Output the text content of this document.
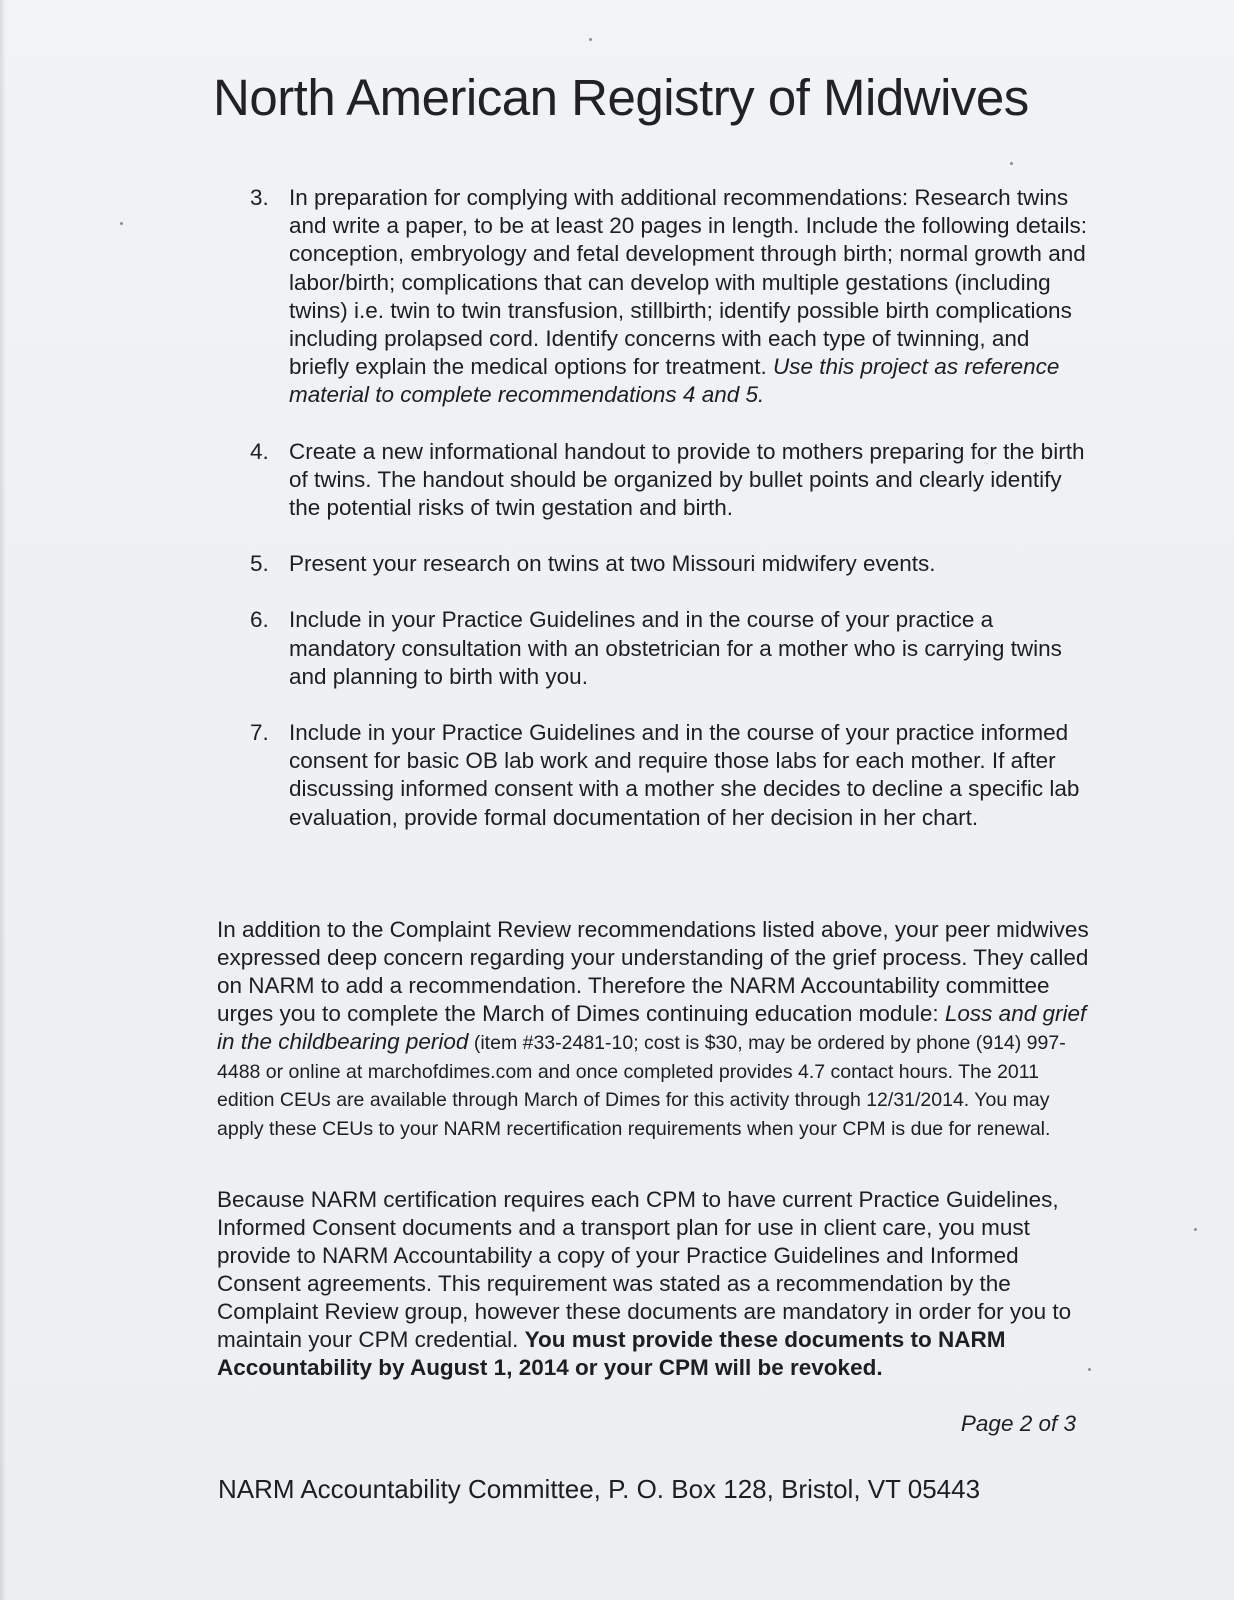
North American Registry of Midwives
3. In preparation for complying with additional recommendations: Research twins and write a paper, to be at least 20 pages in length. Include the following details: conception, embryology and fetal development through birth; normal growth and labor/birth; complications that can develop with multiple gestations (including twins) i.e. twin to twin transfusion, stillbirth; identify possible birth complications including prolapsed cord. Identify concerns with each type of twinning, and briefly explain the medical options for treatment. Use this project as reference material to complete recommendations 4 and 5.
4. Create a new informational handout to provide to mothers preparing for the birth of twins. The handout should be organized by bullet points and clearly identify the potential risks of twin gestation and birth.
5. Present your research on twins at two Missouri midwifery events.
6. Include in your Practice Guidelines and in the course of your practice a mandatory consultation with an obstetrician for a mother who is carrying twins and planning to birth with you.
7. Include in your Practice Guidelines and in the course of your practice informed consent for basic OB lab work and require those labs for each mother. If after discussing informed consent with a mother she decides to decline a specific lab evaluation, provide formal documentation of her decision in her chart.
In addition to the Complaint Review recommendations listed above, your peer midwives expressed deep concern regarding your understanding of the grief process. They called on NARM to add a recommendation. Therefore the NARM Accountability committee urges you to complete the March of Dimes continuing education module: Loss and grief in the childbearing period (item #33-2481-10; cost is $30, may be ordered by phone (914) 997-4488 or online at marchofdimes.com and once completed provides 4.7 contact hours. The 2011 edition CEUs are available through March of Dimes for this activity through 12/31/2014. You may apply these CEUs to your NARM recertification requirements when your CPM is due for renewal.
Because NARM certification requires each CPM to have current Practice Guidelines, Informed Consent documents and a transport plan for use in client care, you must provide to NARM Accountability a copy of your Practice Guidelines and Informed Consent agreements. This requirement was stated as a recommendation by the Complaint Review group, however these documents are mandatory in order for you to maintain your CPM credential. You must provide these documents to NARM Accountability by August 1, 2014 or your CPM will be revoked.
Page 2 of 3
NARM Accountability Committee, P. O. Box 128, Bristol, VT 05443
